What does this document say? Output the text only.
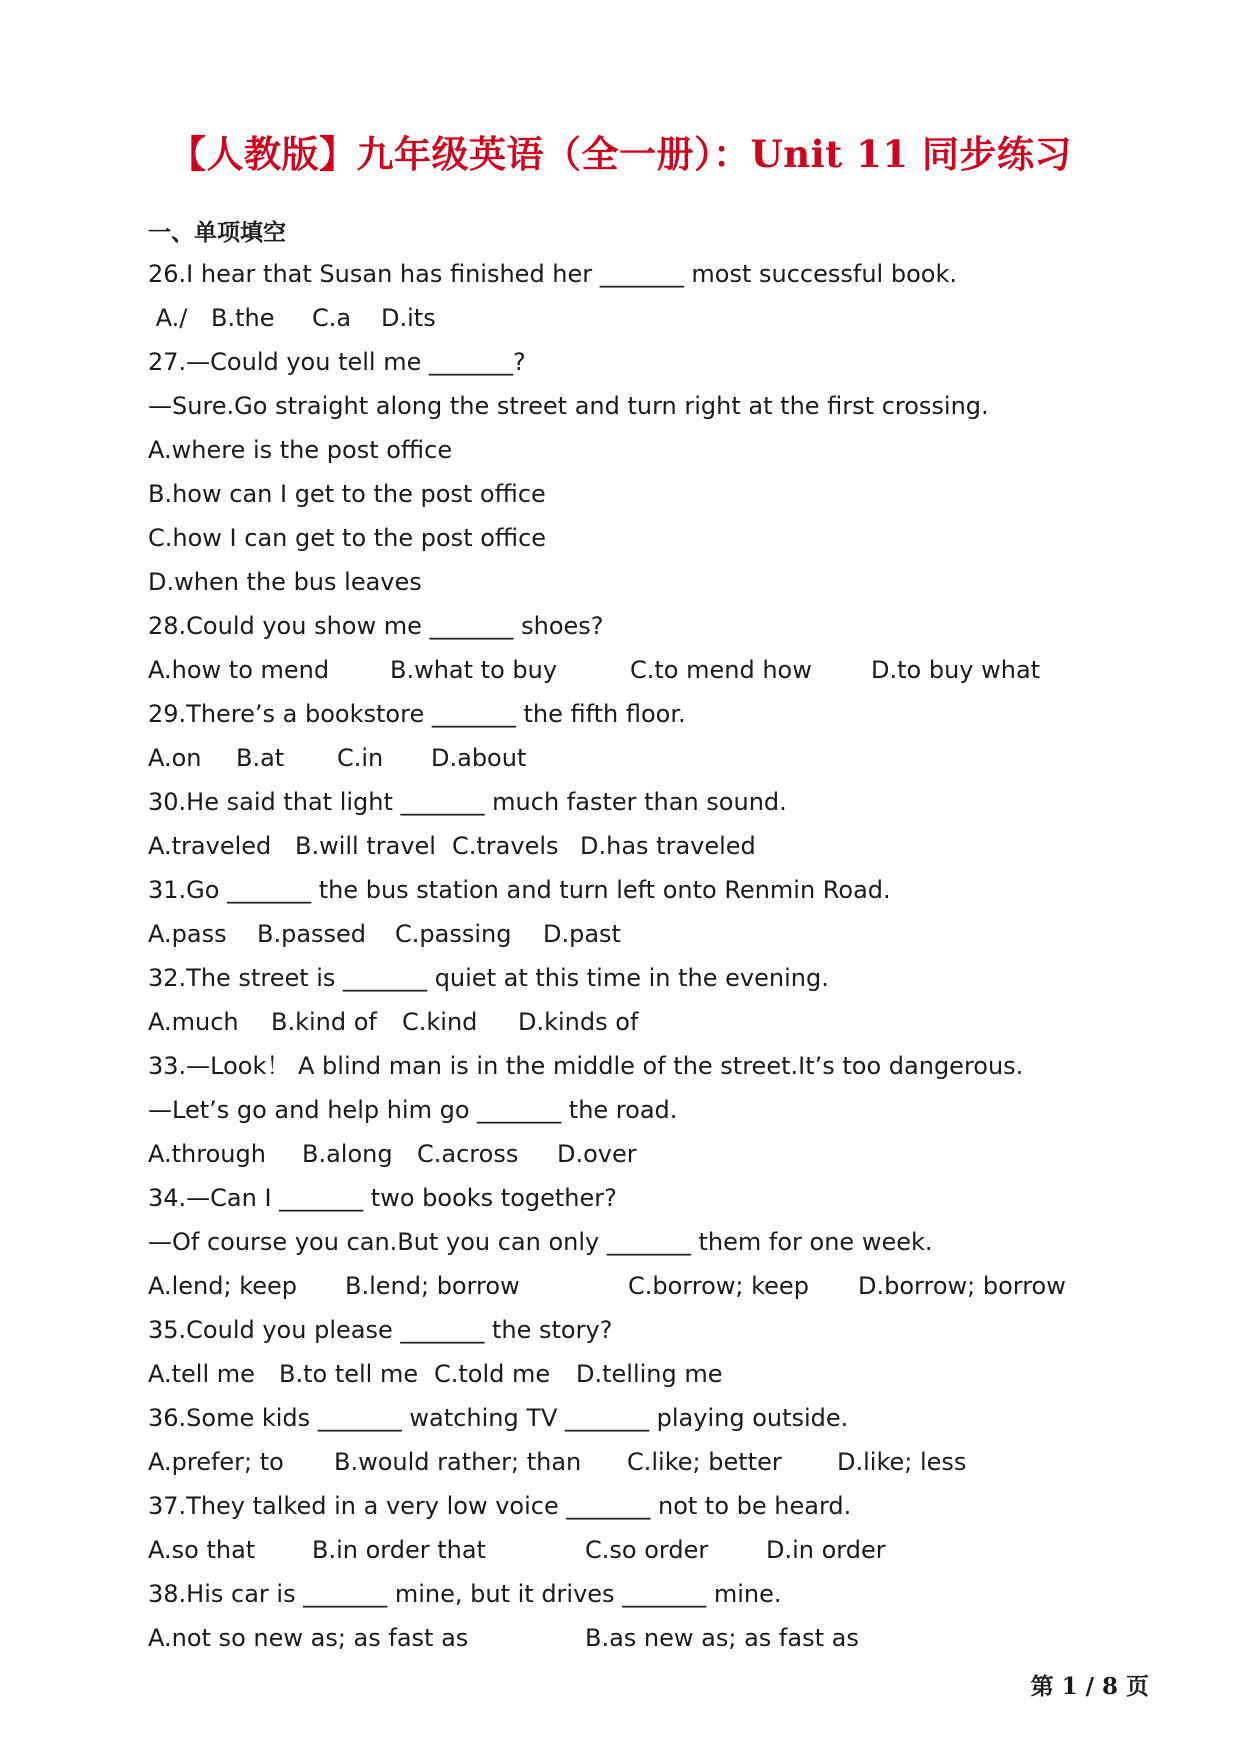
【人教版】九年级英语（全一册）：Unit 11 同步练习
一、单项填空
26.I hear that Susan has finished her _______ most successful book.
A./ B.the C.a D.its
27.—Could you tell me _______?
—Sure.Go straight along the street and turn right at the first crossing.
A.where is the post office
B.how can I get to the post office
C.how I can get to the post office
D.when the bus leaves
28.Could you show me _______ shoes?
A.how to mend	B.what to buy	C.to mend how D.to buy what
29.There’s a bookstore _______ the fifth floor.
A.on B.at C.in D.about
30.He said that light _______ much faster than sound.
A.traveled B.will travel C.travels D.has traveled
31.Go _______ the bus station and turn left onto Renmin Road.
A.pass B.passed C.passing D.past
32.The street is _______ quiet at this time in the evening.
A.much B.kind of C.kind D.kinds of
33.—Look！ A blind man is in the middle of the street.It’s too dangerous.
—Let’s go and help him go _______ the road.
A.through B.along C.across D.over
34.—Can I _______ two books together?
—Of course you can.But you can only _______ them for one week.
A.lend; keep B.lend; borrow	C.borrow; keep D.borrow; borrow
35.Could you please _______ the story?
A.tell me B.to tell me C.told me D.telling me
36.Some kids _______ watching TV _______ playing outside.
A.prefer; to B.would rather; than C.like; better D.like; less
37.They talked in a very low voice _______ not to be heard.
A.so that B.in order that	C.so order D.in order
38.His car is _______ mine, but it drives _______ mine.
A.not so new as; as fast as	B.as new as; as fast as
第 1 / 8 页
